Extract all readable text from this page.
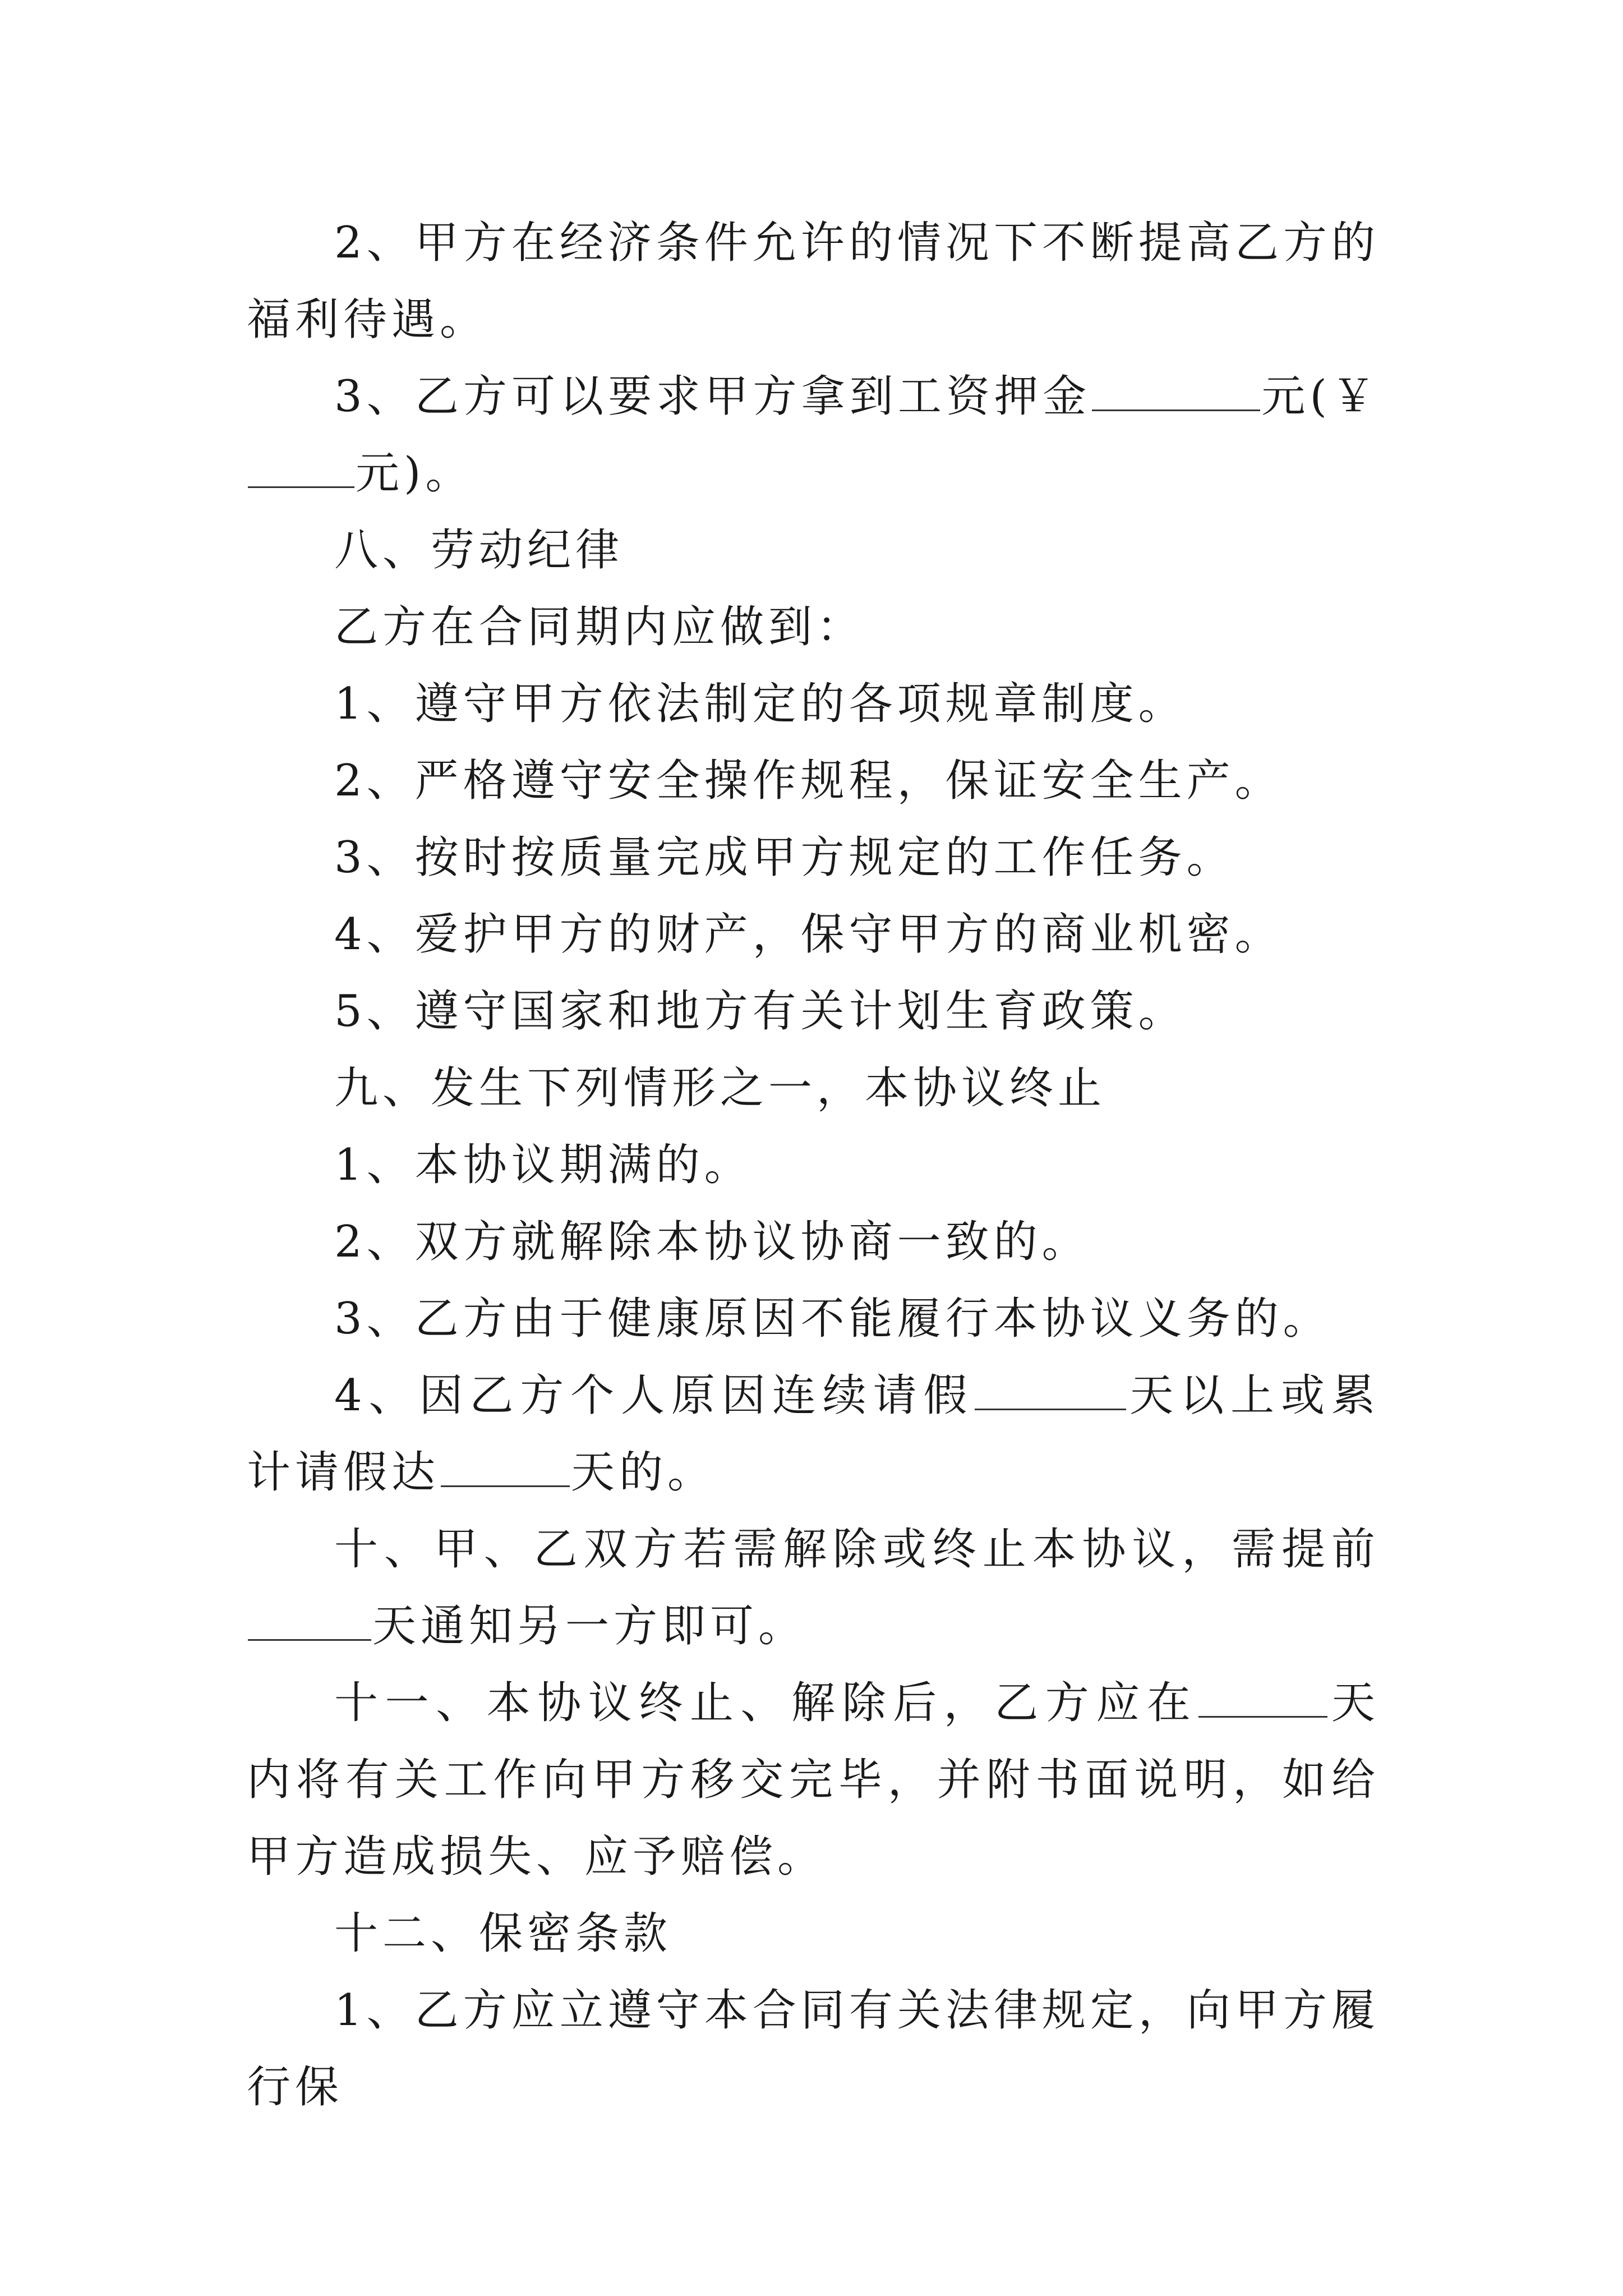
2、甲方在经济条件允许的情况下不断提高乙方的福利待遇。

3、乙方可以要求甲方拿到工资押金	元(￥元)。

八、劳动纪律

乙方在合同期内应做到：

1、遵守甲方依法制定的各项规章制度。

2、严格遵守安全操作规程，保证安全生产。

3、按时按质量完成甲方规定的工作任务。

4、爱护甲方的财产，保守甲方的商业机密。

5、遵守国家和地方有关计划生育政策。

九、发生下列情形之一，本协议终止

1、本协议期满的。

2、双方就解除本协议协商一致的。

3、乙方由于健康原因不能履行本协议义务的。

4、因乙方个人原因连续请假	天以上或累计请假达	天的。

十、甲、乙双方若需解除或终止本协议，需提前天通知另一方即可。

十一、本协议终止、解除后，乙方应在	天内将有关工作向甲方移交完毕，并附书面说明，如给甲方造成损失、应予赔偿。

十二、保密条款

1、乙方应立遵守本合同有关法律规定，向甲方履行保
